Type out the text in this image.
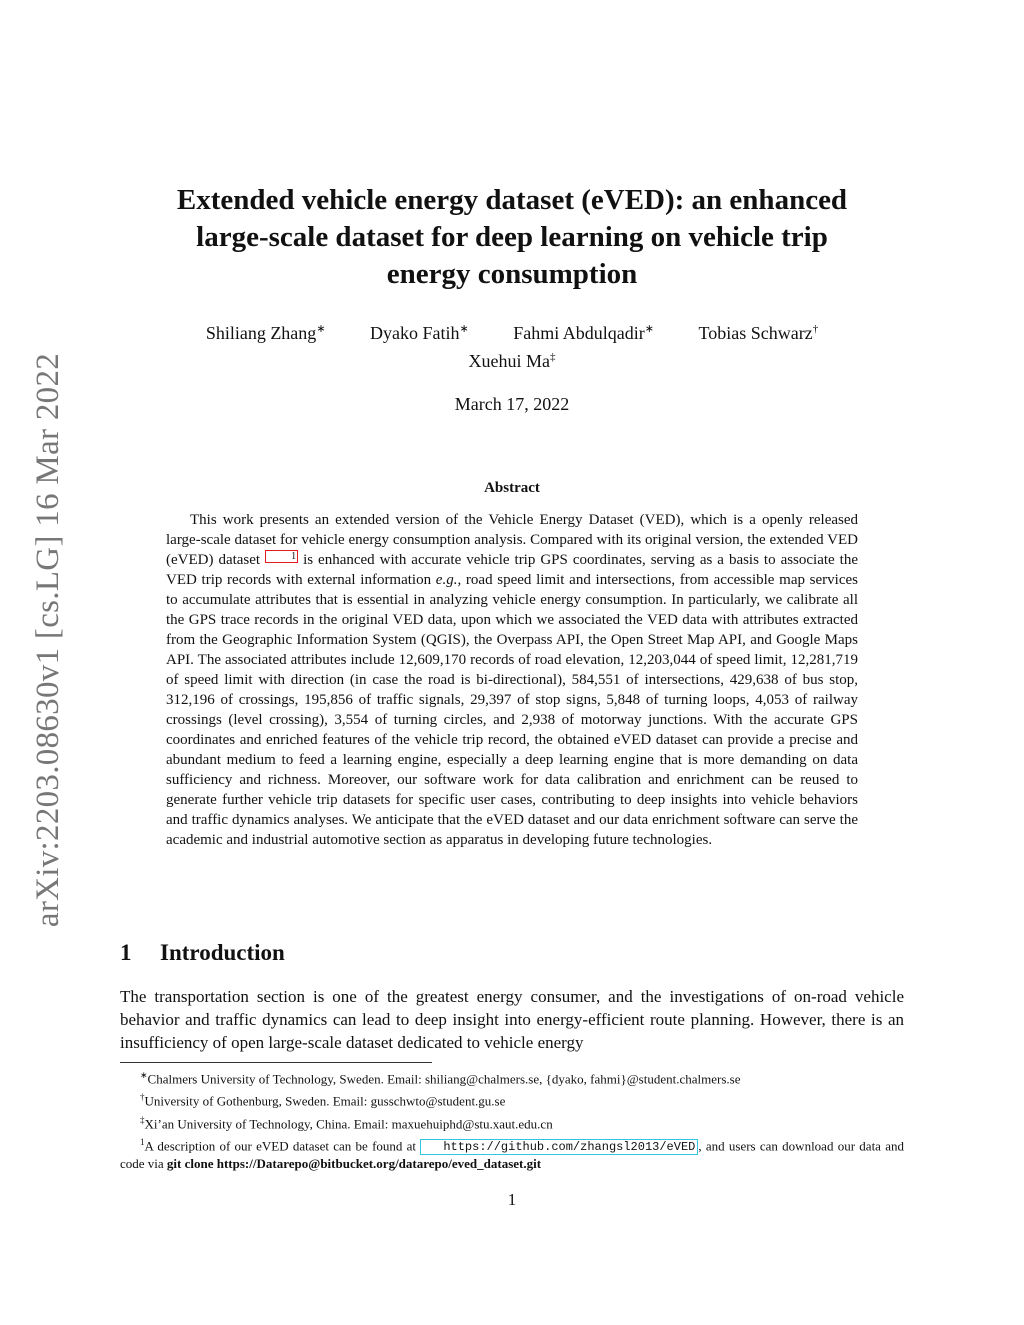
arXiv:2203.08630v1 [cs.LG] 16 Mar 2022
Extended vehicle energy dataset (eVED): an enhanced
large-scale dataset for deep learning on vehicle trip
energy consumption
Shiliang Zhang∗ Dyako Fatih∗ Fahmi Abdulqadir∗ Tobias Schwarz†
Xuehui Ma‡
March 17, 2022
Abstract

This work presents an extended version of the Vehicle Energy Dataset (VED), which is a openly released large-scale dataset for vehicle energy consumption analysis. Compared with its original version, the extended VED (eVED) dataset	1 is enhanced with accurate vehicle trip GPS coordinates, serving as a basis to associate the VED trip records with external information e.g., road speed limit and intersections, from accessible map services to accumulate attributes that is essential in analyzing vehicle energy consumption. In particularly, we calibrate all the GPS trace records in the original VED data, upon which we associated the VED data with attributes extracted from the Geographic Information System (QGIS), the Overpass API, the Open Street Map API, and Google Maps API. The associated attributes include 12,609,170 records of road elevation, 12,203,044 of speed limit, 12,281,719 of speed limit with direction (in case the road is bi-directional), 584,551 of intersections, 429,638 of bus stop, 312,196 of crossings, 195,856 of traffic signals, 29,397 of stop signs, 5,848 of turning loops, 4,053 of railway crossings (level crossing), 3,554 of turning circles, and 2,938 of motorway junctions. With the accurate GPS coordinates and enriched features of the vehicle trip record, the obtained eVED dataset can provide a precise and abundant medium to feed a learning engine, especially a deep learning engine that is more demanding on data sufficiency and richness. Moreover, our software work for data calibration and enrichment can be reused to generate further vehicle trip datasets for specific user cases, contributing to deep insights into vehicle behaviors and traffic dynamics analyses. We anticipate that the eVED dataset and our data enrichment software can serve the academic and industrial automotive section as apparatus in developing future technologies.

1 Introduction

The transportation section is one of the greatest energy consumer, and the investigations of on-road vehicle behavior and traffic dynamics can lead to deep insight into energy-efficient route planning. However, there is an insufficiency of open large-scale dataset dedicated to vehicle energy

∗Chalmers University of Technology, Sweden. Email: shiliang@chalmers.se, {dyako, fahmi}@student.chalmers.se

†University of Gothenburg, Sweden. Email: gusschwto@student.gu.se

‡Xi’an University of Technology, China. Email: maxuehuiphd@stu.xaut.edu.cn

$^1$A description of our eVED dataset can be found at https://github.com/zhangsl2013/eVED , and users can download our data and code via git clone https://Datarepo@bitbucket.org/datarepo/eved_dataset.git

1
